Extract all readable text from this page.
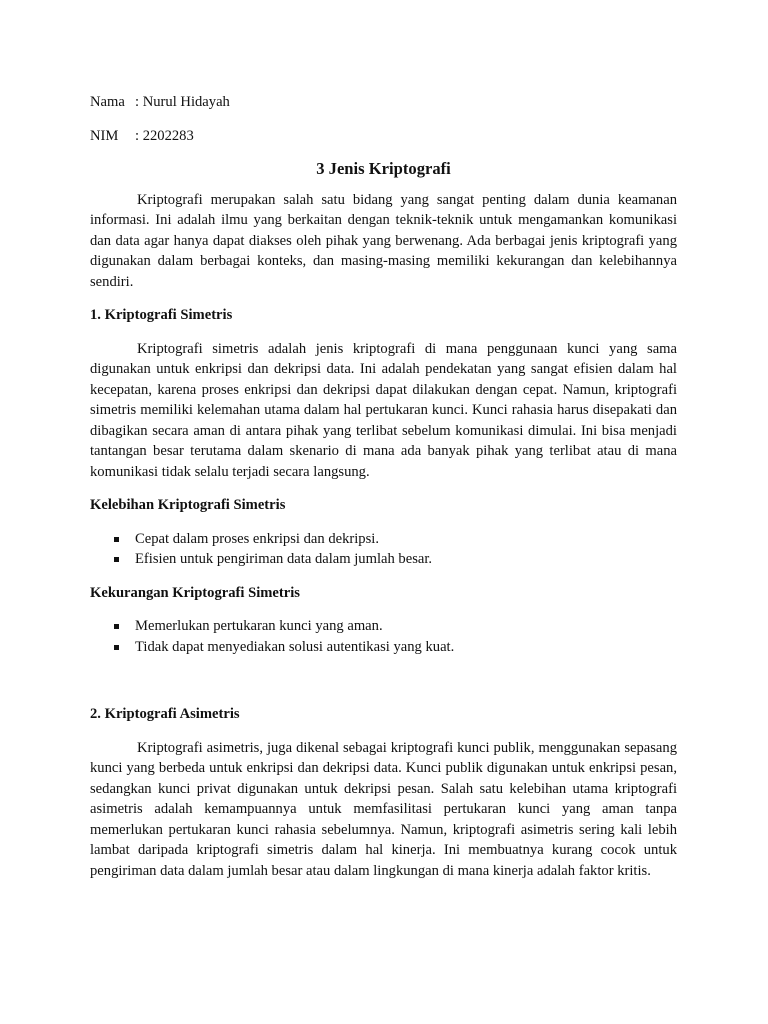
Nama : Nurul Hidayah
NIM	: 2202283
3 Jenis Kriptografi

Kriptografi merupakan salah satu bidang yang sangat penting dalam dunia keamanan informasi. Ini adalah ilmu yang berkaitan dengan teknik-teknik untuk mengamankan komunikasi dan data agar hanya dapat diakses oleh pihak yang berwenang. Ada berbagai jenis kriptografi yang digunakan dalam berbagai konteks, dan masing-masing memiliki kekurangan dan kelebihannya sendiri.

1. Kriptografi Simetris

Kriptografi simetris adalah jenis kriptografi di mana penggunaan kunci yang sama digunakan untuk enkripsi dan dekripsi data. Ini adalah pendekatan yang sangat efisien dalam hal kecepatan, karena proses enkripsi dan dekripsi dapat dilakukan dengan cepat. Namun, kriptografi simetris memiliki kelemahan utama dalam hal pertukaran kunci. Kunci rahasia harus disepakati dan dibagikan secara aman di antara pihak yang terlibat sebelum komunikasi dimulai. Ini bisa menjadi tantangan besar terutama dalam skenario di mana ada banyak pihak yang terlibat atau di mana komunikasi tidak selalu terjadi secara langsung.

Kelebihan Kriptografi Simetris
Cepat dalam proses enkripsi dan dekripsi.
Efisien untuk pengiriman data dalam jumlah besar.
Kekurangan Kriptografi Simetris
Memerlukan pertukaran kunci yang aman.
Tidak dapat menyediakan solusi autentikasi yang kuat.
2. Kriptografi Asimetris

Kriptografi asimetris, juga dikenal sebagai kriptografi kunci publik, menggunakan sepasang kunci yang berbeda untuk enkripsi dan dekripsi data. Kunci publik digunakan untuk enkripsi pesan, sedangkan kunci privat digunakan untuk dekripsi pesan. Salah satu kelebihan utama kriptografi asimetris adalah kemampuannya untuk memfasilitasi pertukaran kunci yang aman tanpa memerlukan pertukaran kunci rahasia sebelumnya. Namun, kriptografi asimetris sering kali lebih lambat daripada kriptografi simetris dalam hal kinerja. Ini membuatnya kurang cocok untuk pengiriman data dalam jumlah besar atau dalam lingkungan di mana kinerja adalah faktor kritis.
